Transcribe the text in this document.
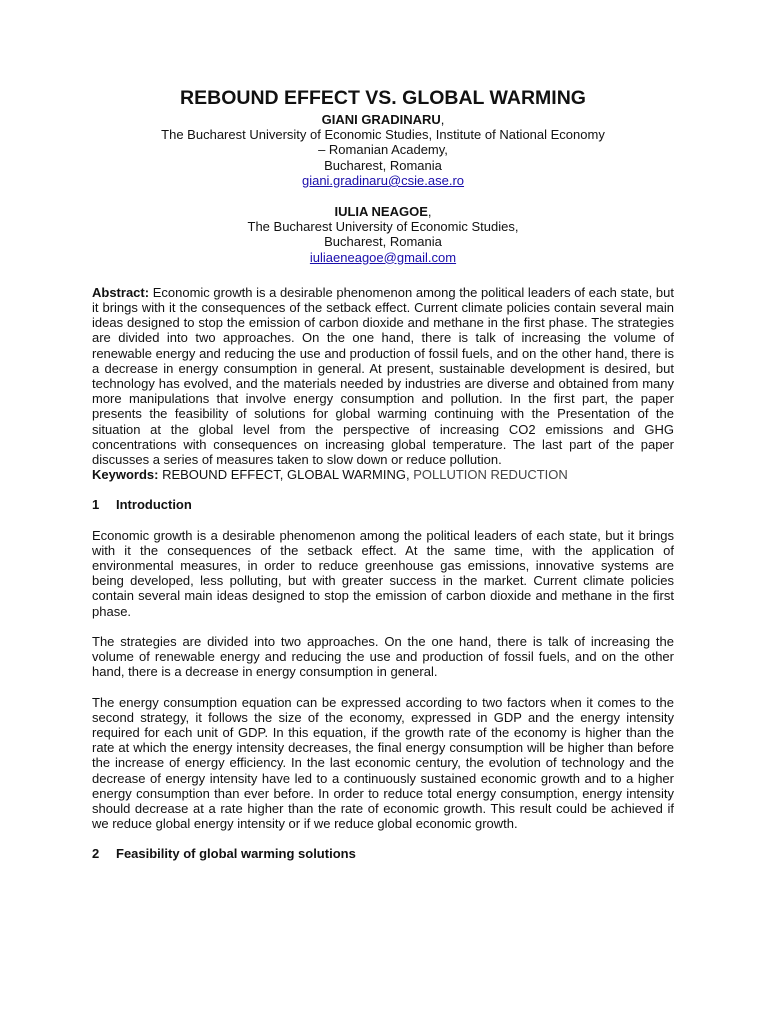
REBOUND EFFECT VS. GLOBAL WARMING
GIANI GRADINARU,
The Bucharest University of Economic Studies, Institute of National Economy
– Romanian Academy,
Bucharest, Romania
giani.gradinaru@csie.ase.ro
IULIA NEAGOE,
The Bucharest University of Economic Studies,
Bucharest, Romania
iuliaeneagoe@gmail.com

Abstract: Economic growth is a desirable phenomenon among the political leaders of each state, but it brings with it the consequences of the setback effect. Current climate policies contain several main ideas designed to stop the emission of carbon dioxide and methane in the first phase. The strategies are divided into two approaches. On the one hand, there is talk of increasing the volume of renewable energy and reducing the use and production of fossil fuels, and on the other hand, there is a decrease in energy consumption in general. At present, sustainable development is desired, but technology has evolved, and the materials needed by industries are diverse and obtained from many more manipulations that involve energy consumption and pollution. In the first part, the paper presents the feasibility of solutions for global warming continuing with the Presentation of the situation at the global level from the perspective of increasing CO2 emissions and GHG concentrations with consequences on increasing global temperature. The last part of the paper discusses a series of measures taken to slow down or reduce pollution.

Keywords: REBOUND EFFECT, GLOBAL WARMING, POLLUTION REDUCTION

1 Introduction

Economic growth is a desirable phenomenon among the political leaders of each state, but it brings with it the consequences of the setback effect. At the same time, with the application of environmental measures, in order to reduce greenhouse gas emissions, innovative systems are being developed, less polluting, but with greater success in the market. Current climate policies contain several main ideas designed to stop the emission of carbon dioxide and methane in the first phase.

The strategies are divided into two approaches. On the one hand, there is talk of increasing the volume of renewable energy and reducing the use and production of fossil fuels, and on the other hand, there is a decrease in energy consumption in general.

The energy consumption equation can be expressed according to two factors when it comes to the second strategy, it follows the size of the economy, expressed in GDP and the energy intensity required for each unit of GDP. In this equation, if the growth rate of the economy is higher than the rate at which the energy intensity decreases, the final energy consumption will be higher than before the increase of energy efficiency. In the last economic century, the evolution of technology and the decrease of energy intensity have led to a continuously sustained economic growth and to a higher energy consumption than ever before. In order to reduce total energy consumption, energy intensity should decrease at a rate higher than the rate of economic growth. This result could be achieved if we reduce global energy intensity or if we reduce global economic growth.

2 Feasibility of global warming solutions
